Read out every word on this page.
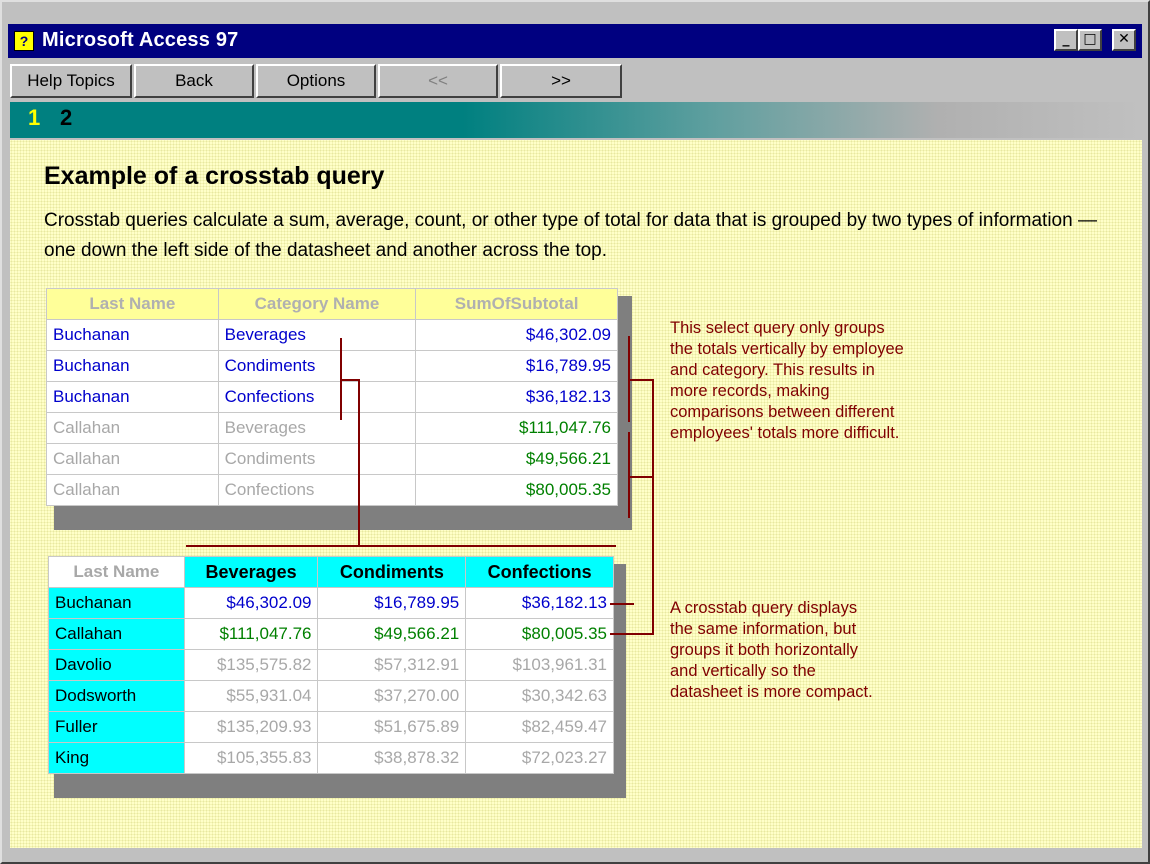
? Microsoft Access 97	_ □	✕
Help Topics	Back	Options	<<	>>
1 2
Example of a crosstab query
Crosstab queries calculate a sum, average, count, or other type of total for data that is grouped by two types of information — one down the left side of the datasheet and another across the top.
Last Name	Category Name	SumOfSubtotal
Buchanan	Beverages	$46,302.09
Buchanan	Condiments	$16,789.95
Buchanan	Confections	$36,182.13
Callahan	Beverages	$111,047.76
Callahan	Condiments	$49,566.21
Callahan	Confections	$80,005.35
Last Name	Beverages	Condiments	Confections
Buchanan	$46,302.09	$16,789.95	$36,182.13
Callahan	$111,047.76	$49,566.21	$80,005.35
Davolio	$135,575.82	$57,312.91	$103,961.31
Dodsworth	$55,931.04	$37,270.00	$30,342.63
Fuller	$135,209.93	$51,675.89	$82,459.47
King	$105,355.83	$38,878.32	$72,023.27
This select query only groups
the totals vertically by employee
and category. This results in
more records, making
comparisons between different
employees' totals more difficult.
A crosstab query displays
the same information, but
groups it both horizontally
and vertically so the
datasheet is more compact.
